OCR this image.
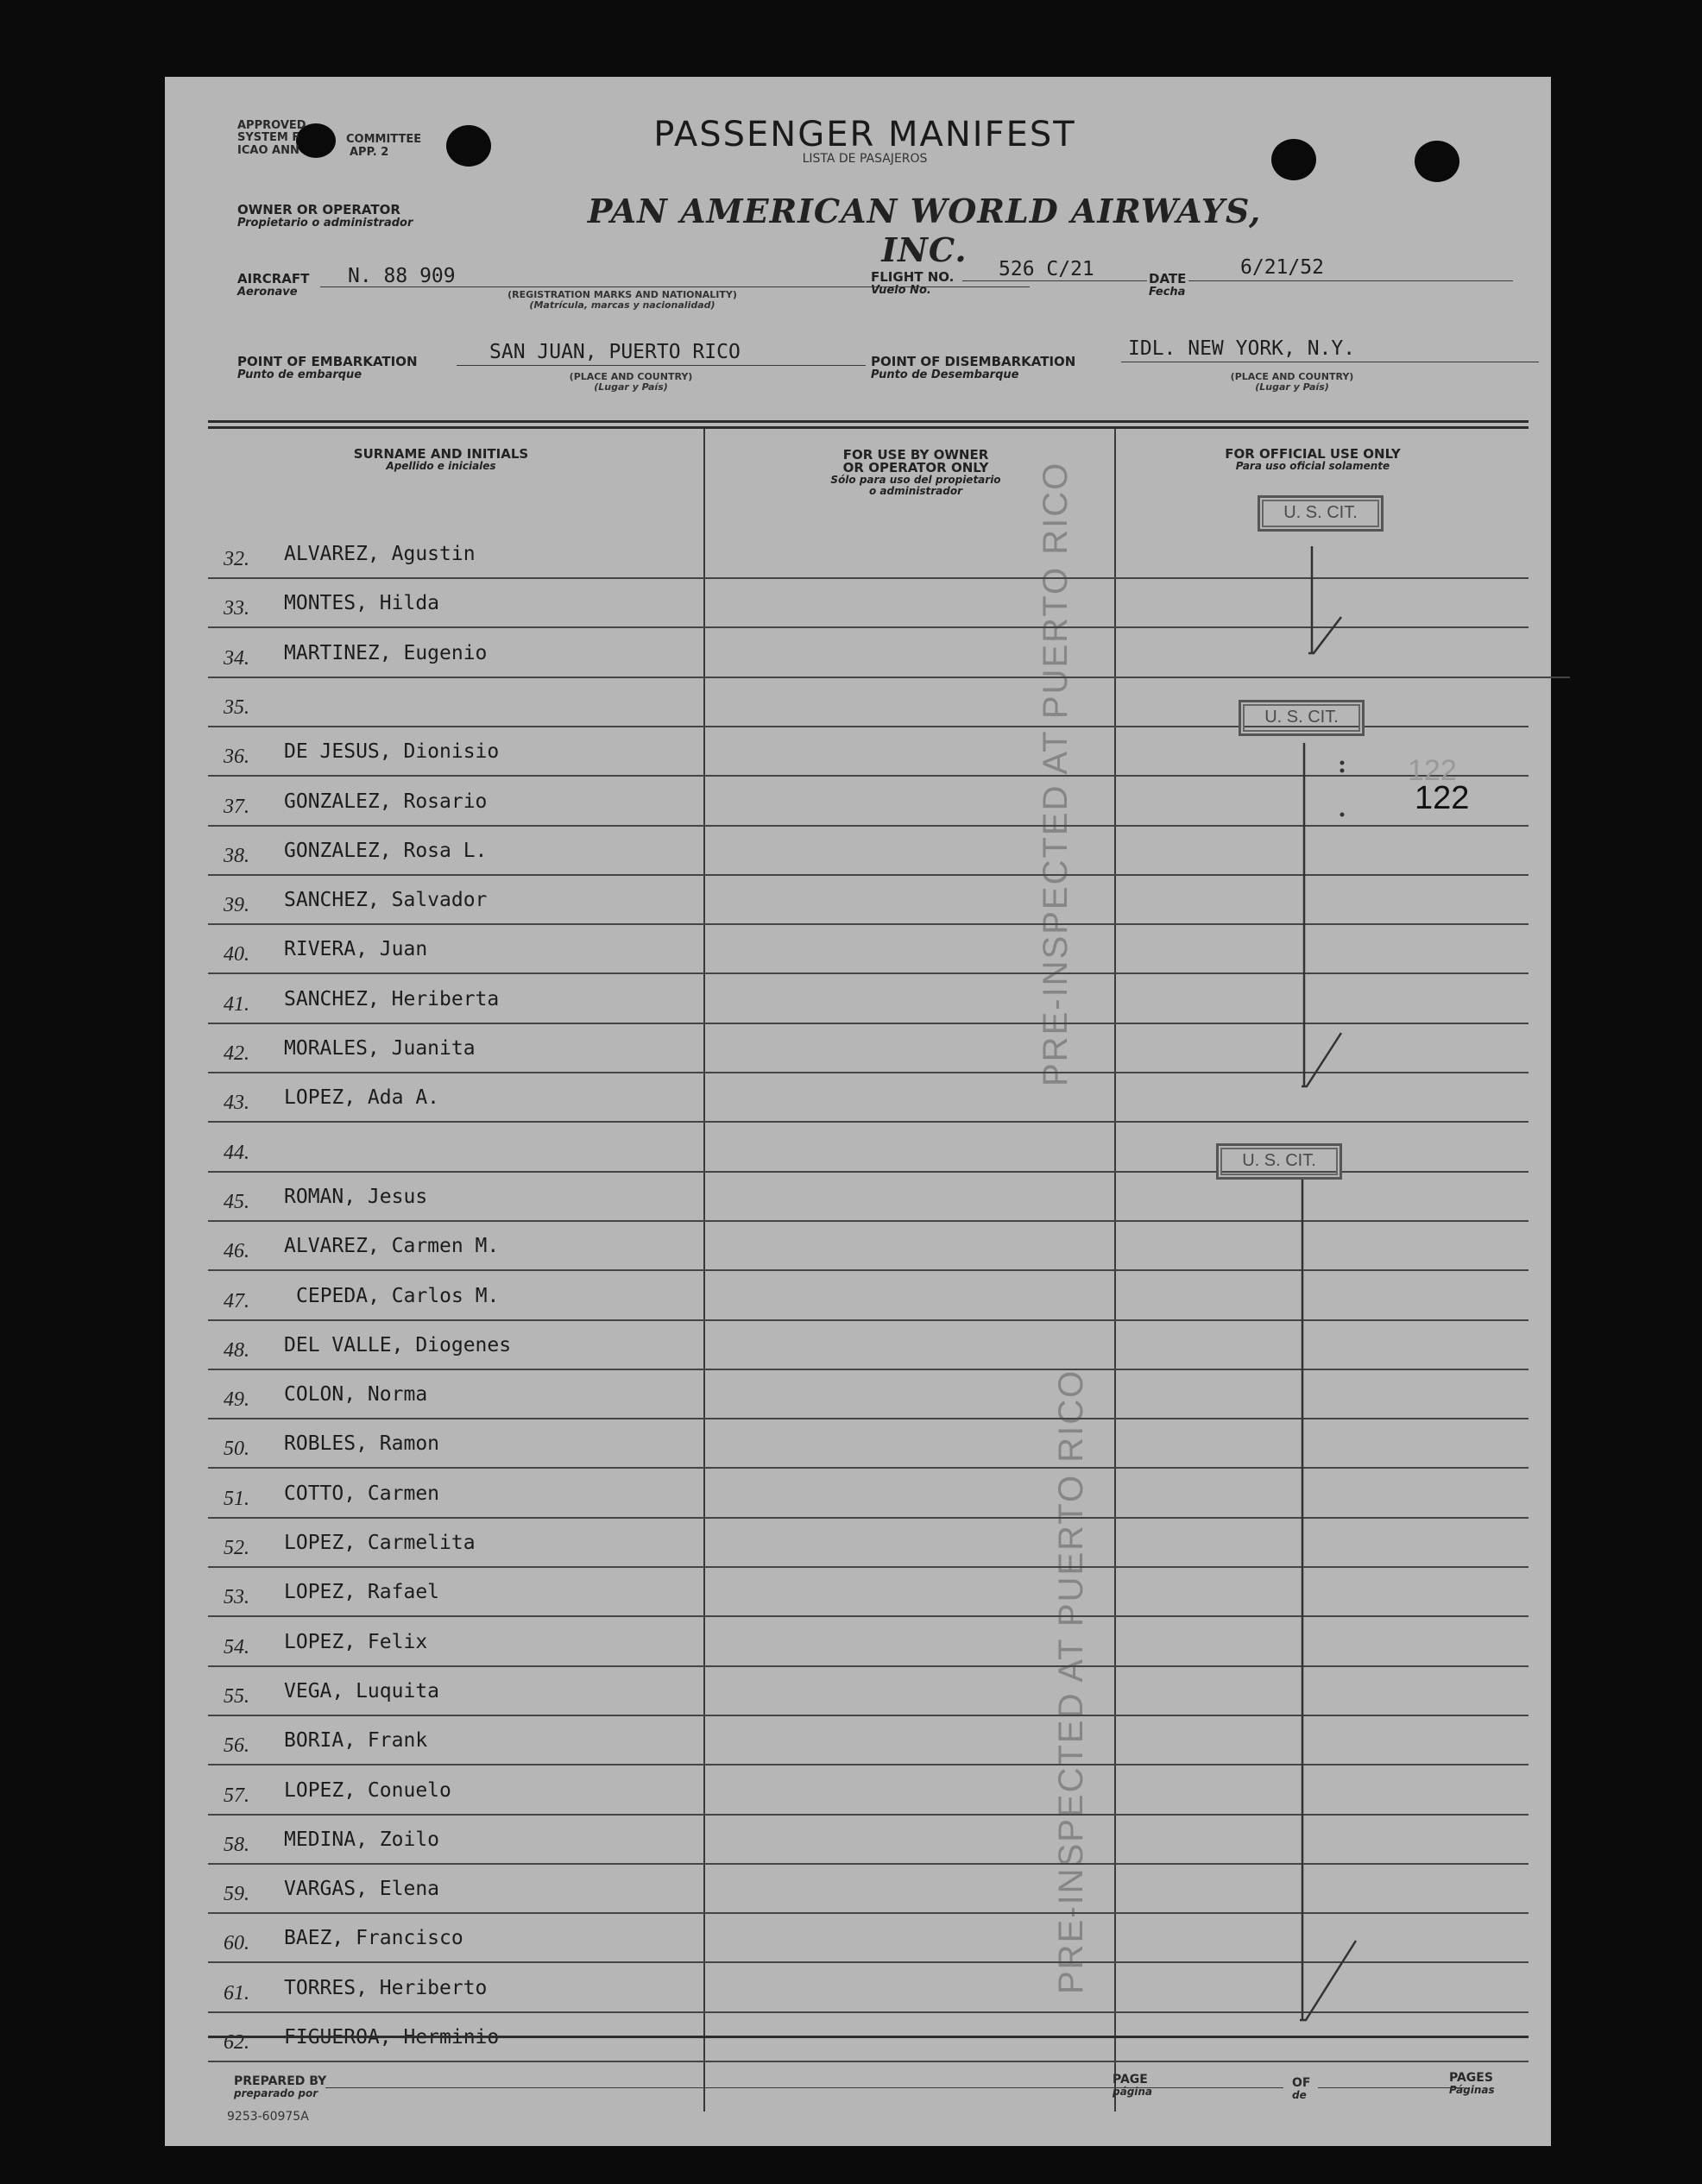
APPROVED
SYSTEM F	COMMITTEE
ICAO ANN	APP. 2	PASSENGER MANIFEST
LISTA DE PASAJEROS
OWNER OR OPERATOR
Propietario o administrador	PAN AMERICAN WORLD AIRWAYS, INC.
AIRCRAFT
Aeronave
N. 88 909
(REGISTRATION MARKS AND NATIONALITY)
(Matrícula, marcas y nacionalidad)
FLIGHT NO.
Vuelo No.
526 C/21	DATE
Fecha
6/21/52
POINT OF EMBARKATION
Punto de embarque
SAN JUAN, PUERTO RICO
(PLACE AND COUNTRY)
(Lugar y País)
POINT OF DISEMBARKATION
Punto de Desembarque
IDL. NEW YORK, N.Y.
(PLACE AND COUNTRY)
(Lugar y País)
SURNAME AND INITIALS
Apellido e iniciales

FOR USE BY OWNER
OR OPERATOR ONLY

Sólo para uso del propietario
o administrador

FOR OFFICIAL USE ONLY
Para uso oficial solamente
32. ALVAREZ, Agustin
33. MONTES, Hilda
34. MARTINEZ, Eugenio
35.
36. DE JESUS, Dionisio
37. GONZALEZ, Rosario
38. GONZALEZ, Rosa L.
39. SANCHEZ, Salvador
40. RIVERA, Juan
41. SANCHEZ, Heriberta
42. MORALES, Juanita
43. LOPEZ, Ada A.
44.
45. ROMAN, Jesus
46. ALVAREZ, Carmen M.
47. CEPEDA, Carlos M.
48. DEL VALLE, Diogenes
49. COLON, Norma
50. ROBLES, Ramon
51. COTTO, Carmen
52. LOPEZ, Carmelita
53. LOPEZ, Rafael
54. LOPEZ, Felix
55. VEGA, Luquita
56. BORIA, Frank
57. LOPEZ, Conuelo
58. MEDINA, Zoilo
59. VARGAS, Elena
60. BAEZ, Francisco
61. TORRES, Heriberto
62. FIGUEROA, Herminio
U. S. CIT.
U. S. CIT.
U. S. CIT.
PRE-INSPECTED AT PUERTO RICO
PRE-INSPECTED AT PUERTO RICO
122
122
PREPARED BY
preparado por
PAGE
página
OF
de
PAGES
Páginas
9253-60975A
